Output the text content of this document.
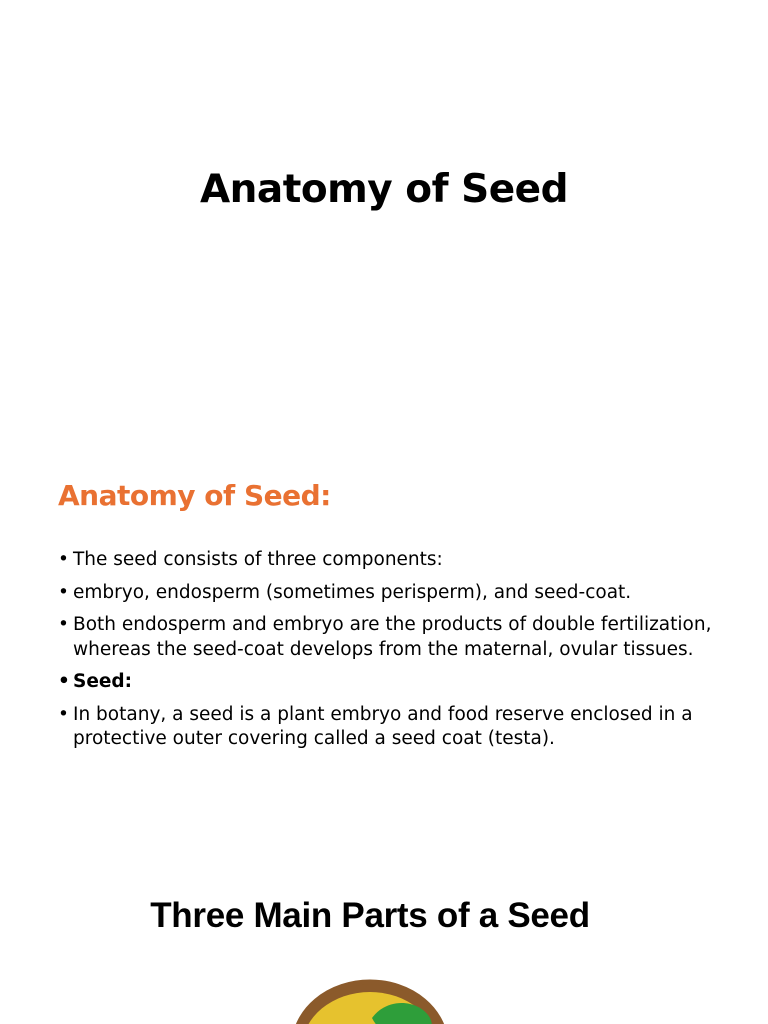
Anatomy of Seed
Anatomy of Seed:
• The seed consists of three components:
• embryo, endosperm (sometimes perisperm), and seed-coat.
• Both endosperm and embryo are the products of double fertilization, whereas the seed-coat develops from the maternal, ovular tissues.
• Seed:
• In botany, a seed is a plant embryo and food reserve enclosed in a protective outer covering called a seed coat (testa).
Three Main Parts of a Seed
